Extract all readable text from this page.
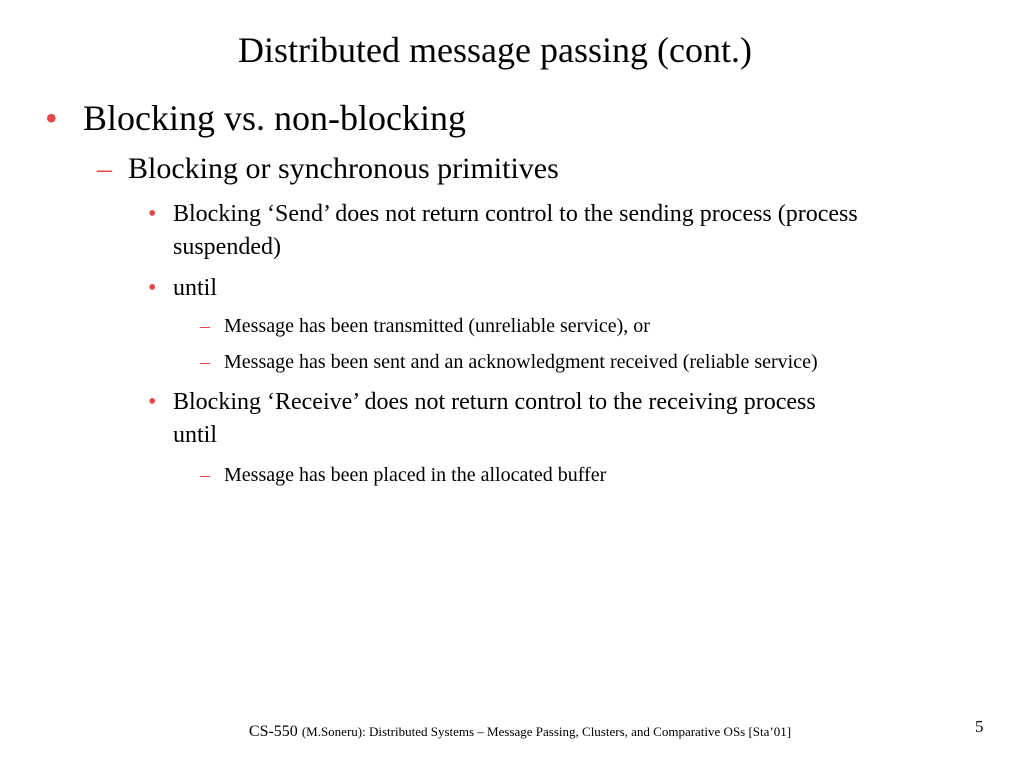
Distributed message passing (cont.)
• Blocking vs. non-blocking
– Blocking or synchronous primitives
• Blocking ‘Send’ does not return control to the sending process (process
suspended)
• until
– Message has been transmitted (unreliable service), or
– Message has been sent and an acknowledgment received (reliable service)
• Blocking ‘Receive’ does not return control to the receiving process
until
– Message has been placed in the allocated buffer
CS-550 (M.Soneru): Distributed Systems – Message Passing, Clusters, and Comparative OSs [Sta’01]	5
